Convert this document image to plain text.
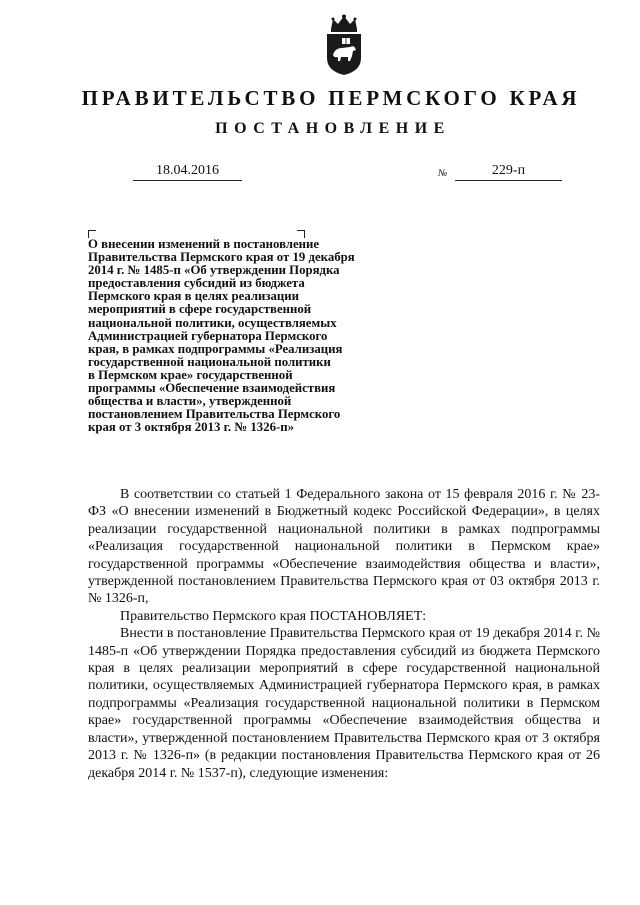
ПРАВИТЕЛЬСТВО ПЕРМСКОГО КРАЯ
ПОСТАНОВЛЕНИЕ
18.04.2016	№	229-п
О внесении изменений в постановление
Правительства Пермского края от 19 декабря
2014 г. № 1485-п «Об утверждении Порядка
предоставления субсидий из бюджета
Пермского края в целях реализации
мероприятий в сфере государственной
национальной политики, осуществляемых
Администрацией губернатора Пермского
края, в рамках подпрограммы «Реализация
государственной национальной политики
в Пермском крае» государственной
программы «Обеспечение взаимодействия
общества и власти», утвержденной
постановлением Правительства Пермского
края от 3 октября 2013 г. № 1326-п»

В соответствии со статьей 1 Федерального закона от 15 февраля 2016 г. № 23-ФЗ «О внесении изменений в Бюджетный кодекс Российской Федерации», в целях реализации государственной национальной политики в рамках подпрограммы «Реализация государственной национальной политики в Пермском крае» государственной программы «Обеспечение взаимодействия общества и власти», утвержденной постановлением Правительства Пермского края от 03 октября 2013 г. № 1326-п,

Правительство Пермского края ПОСТАНОВЛЯЕТ:

Внести в постановление Правительства Пермского края от 19 декабря 2014 г. № 1485-п «Об утверждении Порядка предоставления субсидий из бюджета Пермского края в целях реализации мероприятий в сфере государственной национальной политики, осуществляемых Администрацией губернатора Пермского края, в рамках подпрограммы «Реализация государственной национальной политики в Пермском крае» государственной программы «Обеспечение взаимодействия общества и власти», утвержденной постановлением Правительства Пермского края от 3 октября 2013 г. № 1326-п» (в редакции постановления Правительства Пермского края от 26 декабря 2014 г. № 1537-п), следующие изменения:
